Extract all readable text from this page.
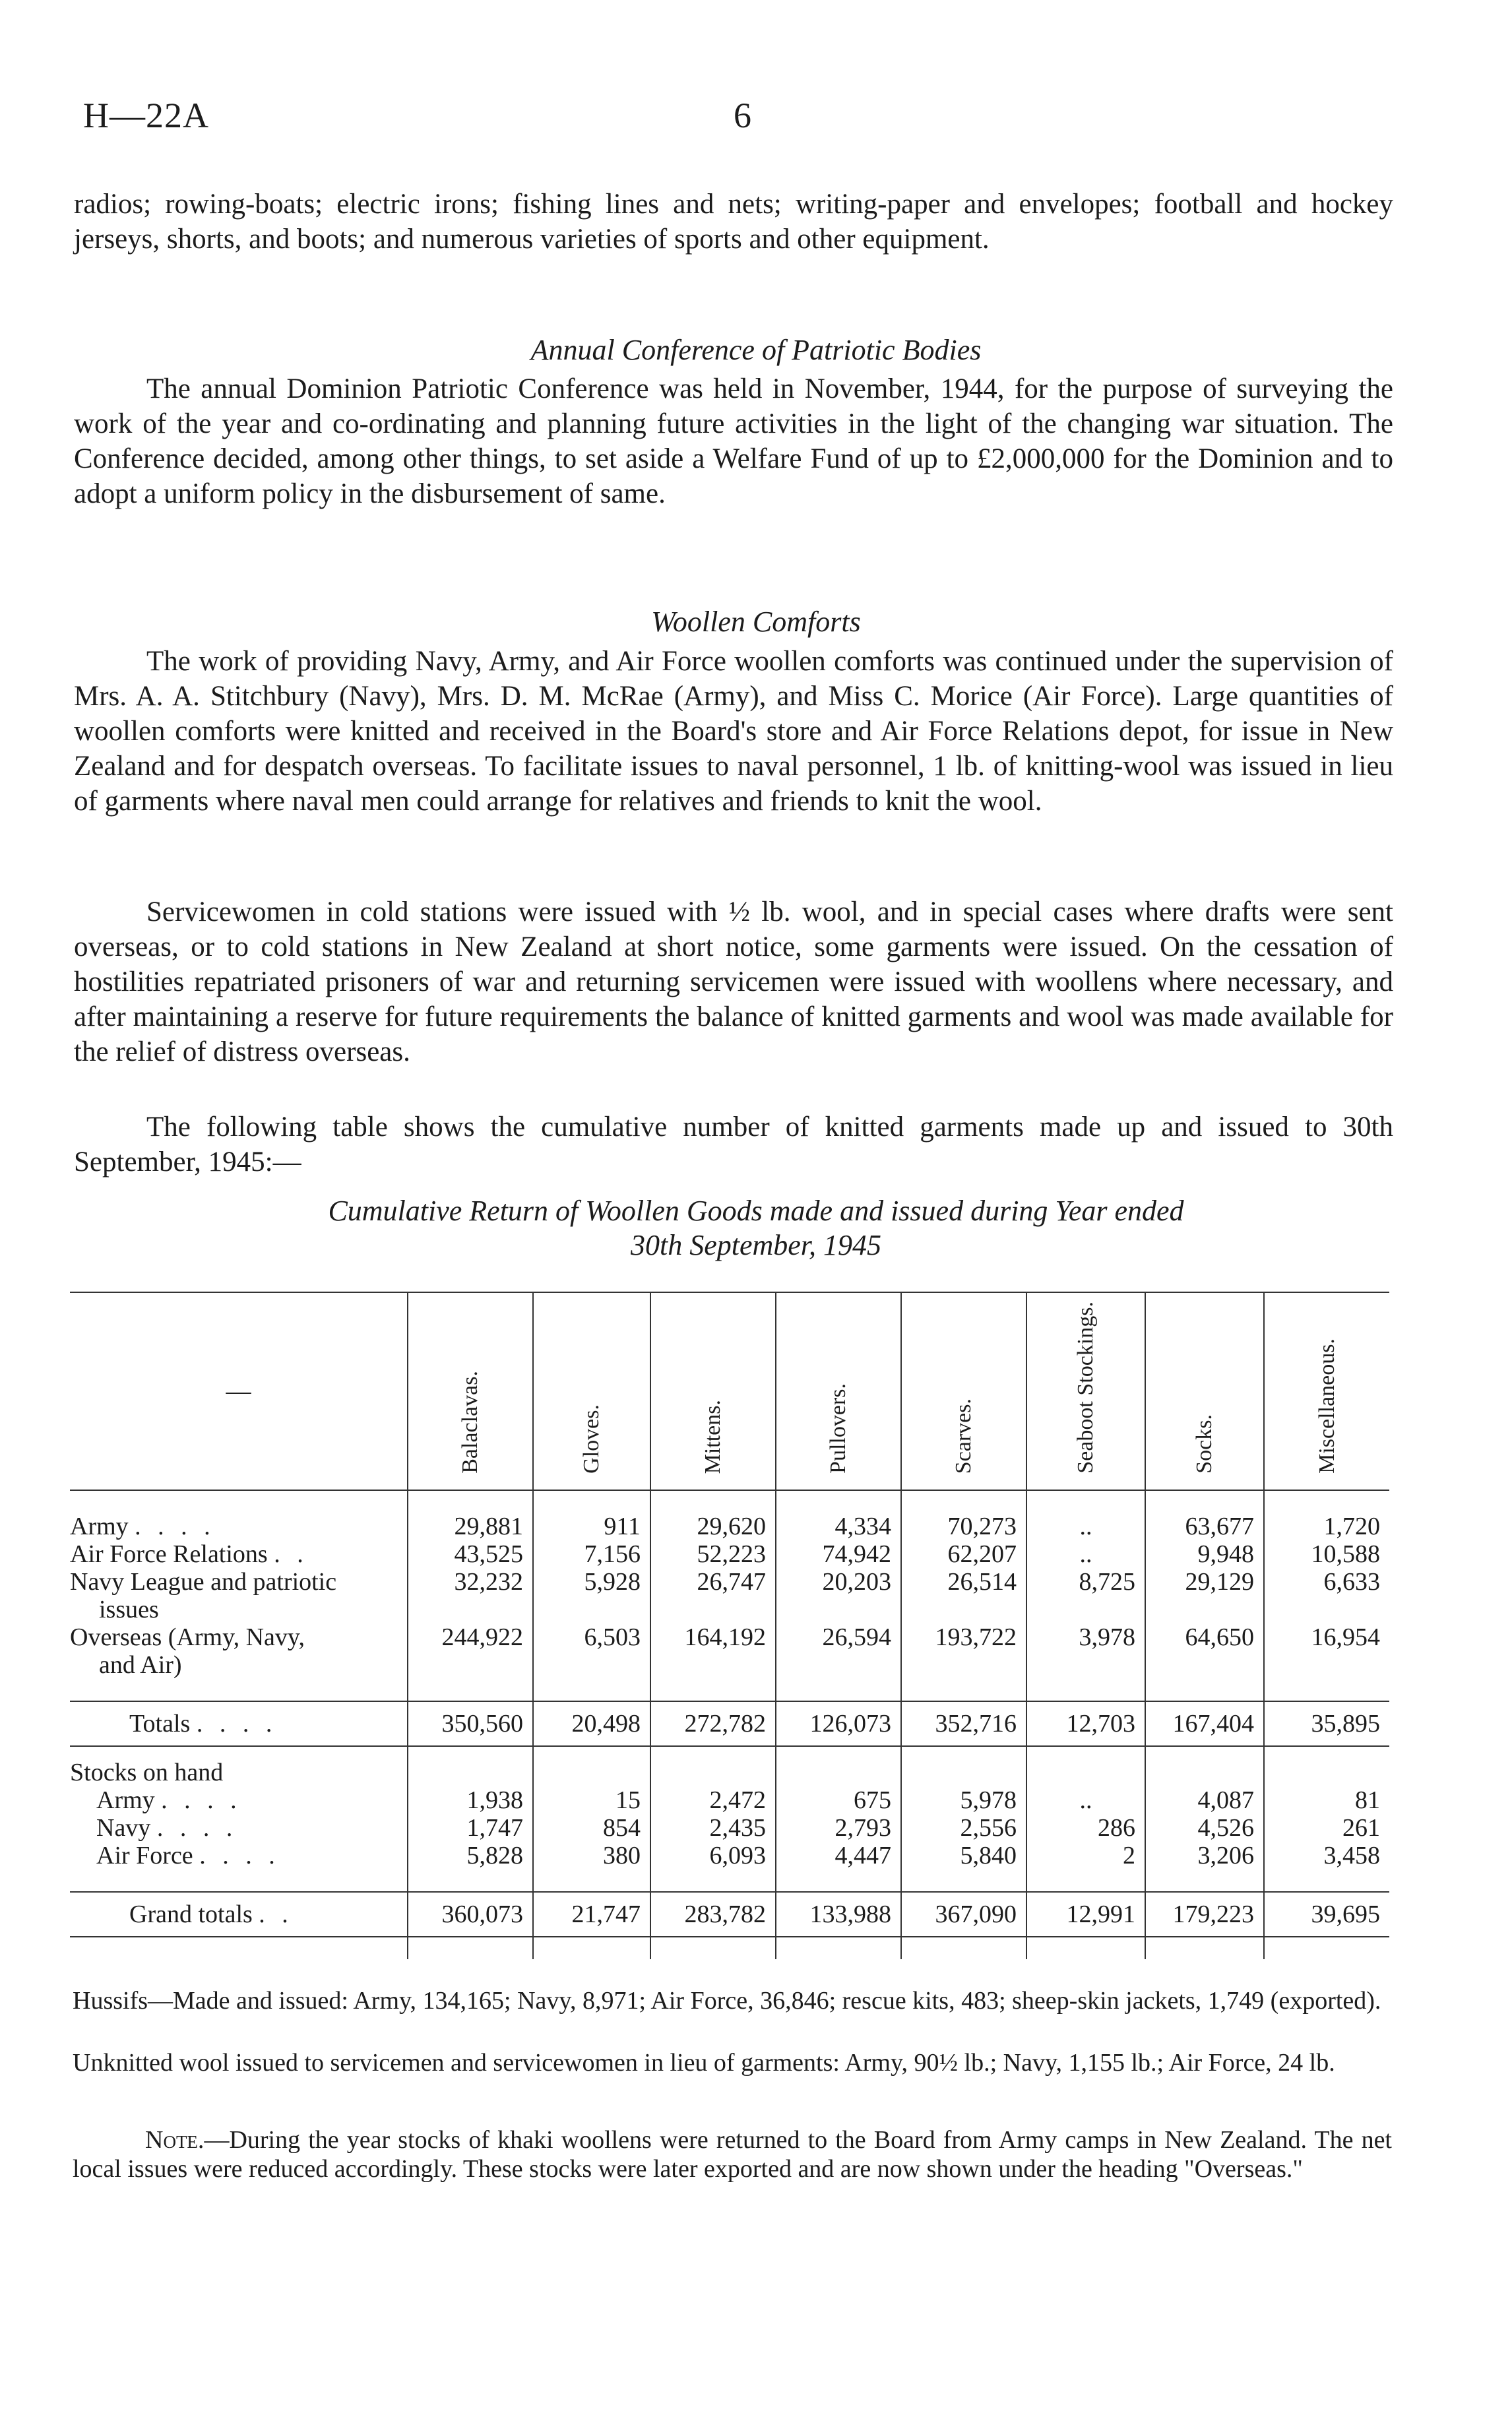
H—22A	6

radios; rowing-boats; electric irons; fishing lines and nets; writing-paper and envelopes; football and hockey jerseys, shorts, and boots; and numerous varieties of sports and other equipment.

Annual Conference of Patriotic Bodies

The annual Dominion Patriotic Conference was held in November, 1944, for the purpose of surveying the work of the year and co-ordinating and planning future activities in the light of the changing war situation. The Conference decided, among other things, to set aside a Welfare Fund of up to £2,000,000 for the Dominion and to adopt a uniform policy in the disbursement of same.

Woollen Comforts

The work of providing Navy, Army, and Air Force woollen comforts was continued under the supervision of Mrs. A. A. Stitchbury (Navy), Mrs. D. M. McRae (Army), and Miss C. Morice (Air Force). Large quantities of woollen comforts were knitted and received in the Board's store and Air Force Relations depot, for issue in New Zealand and for despatch overseas. To facilitate issues to naval personnel, 1 lb. of knitting-wool was issued in lieu of garments where naval men could arrange for relatives and friends to knit the wool.

Servicewomen in cold stations were issued with ½ lb. wool, and in special cases where drafts were sent overseas, or to cold stations in New Zealand at short notice, some garments were issued. On the cessation of hostilities repatriated prisoners of war and returning servicemen were issued with woollens where necessary, and after maintaining a reserve for future requirements the balance of knitted garments and wool was made available for the relief of distress overseas.

The following table shows the cumulative number of knitted garments made up and issued to 30th September, 1945:—

Cumulative Return of Woollen Goods made and issued during Year ended
30th September, 1945
—	Balaclavas.	Gloves.	Mittens.	Pullovers.	Scarves.	Seaboot Stockings.	Socks.	Miscellaneous.

Army . . . .	29,881	911	29,620	4,334	70,273	..	63,677	1,720
Air Force Relations . .	43,525	7,156	52,223	74,942	62,207	..	9,948	10,588
Navy League and patriotic
issues	32,232	5,928	26,747	20,203	26,514	8,725	29,129	6,633
Overseas (Army, Navy,
and Air)	244,922	6,503	164,192	26,594	193,722	3,978	64,650	16,954

Totals . . . .	350,560	20,498	272,782	126,073	352,716	12,703	167,404	35,895
Stocks on hand								
Army . . . .	1,938	15	2,472	675	5,978	..	4,087	81
Navy . . . .	1,747	854	2,435	2,793	2,556	286	4,526	261
Air Force . . . .	5,828	380	6,093	4,447	5,840	2	3,206	3,458

Grand totals . .	360,073	21,747	283,782	133,988	367,090	12,991	179,223	39,695

Hussifs—Made and issued: Army, 134,165; Navy, 8,971; Air Force, 36,846; rescue kits, 483; sheep-skin jackets, 1,749 (exported).

Unknitted wool issued to servicemen and servicewomen in lieu of garments: Army, 90½ lb.; Navy, 1,155 lb.; Air Force, 24 lb.

Note.—During the year stocks of khaki woollens were returned to the Board from Army camps in New Zealand. The net local issues were reduced accordingly. These stocks were later exported and are now shown under the heading "Overseas."
